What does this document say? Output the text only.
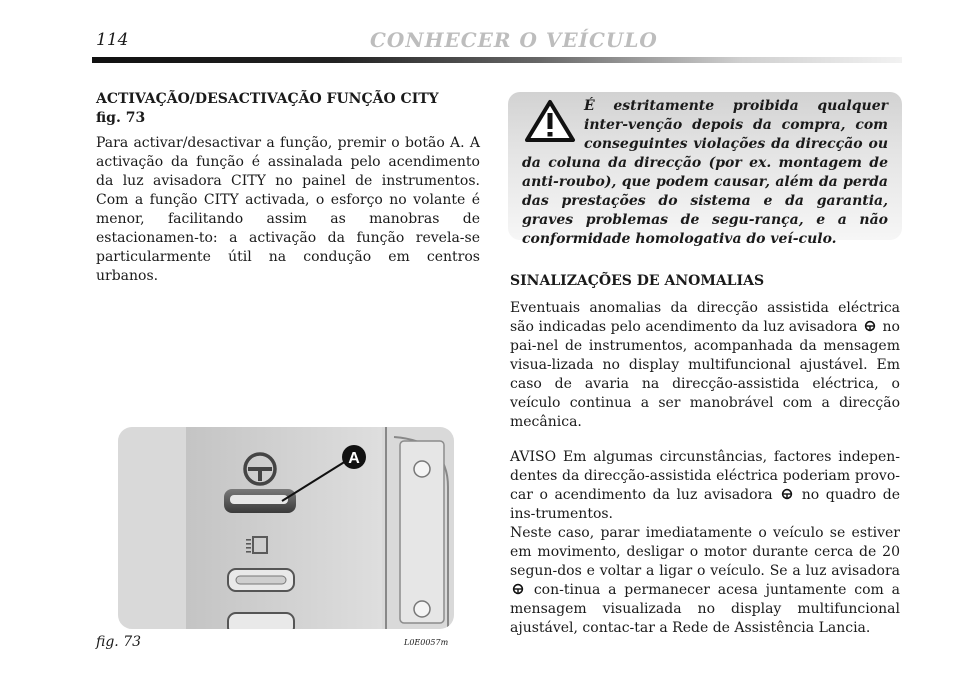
114	CONHECER O VEÍCULO

ACTIVAÇÃO/DESACTIVAÇÃO FUNÇÃO CITY

fig. 73

Para activar/desactivar a função, premir o botão A. A activação da função é assinalada pelo acendimento da luz avisadora CITY no painel de instrumentos. Com a função CITY activada, o esforço no volante é menor, facilitando assim as manobras de estacionamen-to: a activação da função revela-se particularmente útil na condução em centros urbanos.

É estritamente proibida qualquer inter-venção depois da compra, com conseguintes violações da direcção ou da coluna da direcção (por ex. montagem de anti-roubo), que podem causar, além da perda das prestações do sistema e da garantia, graves problemas de segu-rança, e a não conformidade homologativa do veí-culo.

SINALIZAÇÕES DE ANOMALIAS

Eventuais anomalias da direcção assistida eléctrica são indicadas pelo acendimento da luz avisadora no pai-nel de instrumentos, acompanhada da mensagem visua-lizada no display multifuncional ajustável. Em caso de avaria na direcção-assistida eléctrica, o veículo continua a ser manobrável com a direcção mecânica.

AVISO Em algumas circunstâncias, factores indepen-dentes da direcção-assistida eléctrica poderiam provo-car o acendimento da luz avisadora no quadro de ins-trumentos.

Neste caso, parar imediatamente o veículo se estiver em movimento, desligar o motor durante cerca de 20 segun-dos e voltar a ligar o veículo. Se a luz avisadora  con-tinua a permanecer acesa juntamente com a mensagem visualizada no display multifuncional ajustável, contac-tar a Rede de Assistência Lancia.

A
fig. 73	L0E0057m
